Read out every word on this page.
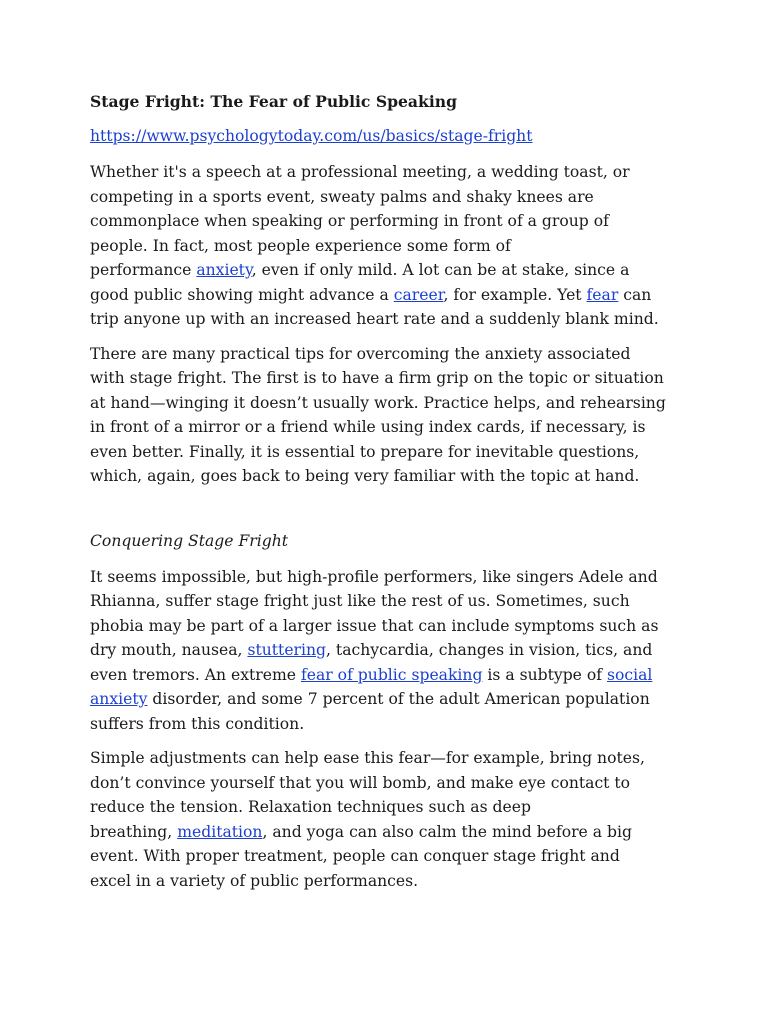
Stage Fright: The Fear of Public Speaking

https://www.psychologytoday.com/us/basics/stage-fright

Whether it's a speech at a professional meeting, a wedding toast, or

competing in a sports event, sweaty palms and shaky knees are

commonplace when speaking or performing in front of a group of

people. In fact, most people experience some form of

performance anxiety, even if only mild. A lot can be at stake, since a

good public showing might advance a career, for example. Yet fear can

trip anyone up with an increased heart rate and a suddenly blank mind.

There are many practical tips for overcoming the anxiety associated

with stage fright. The first is to have a firm grip on the topic or situation

at hand—winging it doesn’t usually work. Practice helps, and rehearsing

in front of a mirror or a friend while using index cards, if necessary, is

even better. Finally, it is essential to prepare for inevitable questions,

which, again, goes back to being very familiar with the topic at hand.

Conquering Stage Fright

It seems impossible, but high-profile performers, like singers Adele and

Rhianna, suffer stage fright just like the rest of us. Sometimes, such

phobia may be part of a larger issue that can include symptoms such as

dry mouth, nausea, stuttering, tachycardia, changes in vision, tics, and

even tremors. An extreme fear of public speaking is a subtype of social

anxiety disorder, and some 7 percent of the adult American population

suffers from this condition.

Simple adjustments can help ease this fear—for example, bring notes,

don’t convince yourself that you will bomb, and make eye contact to

reduce the tension. Relaxation techniques such as deep

breathing, meditation, and yoga can also calm the mind before a big

event. With proper treatment, people can conquer stage fright and

excel in a variety of public performances.
